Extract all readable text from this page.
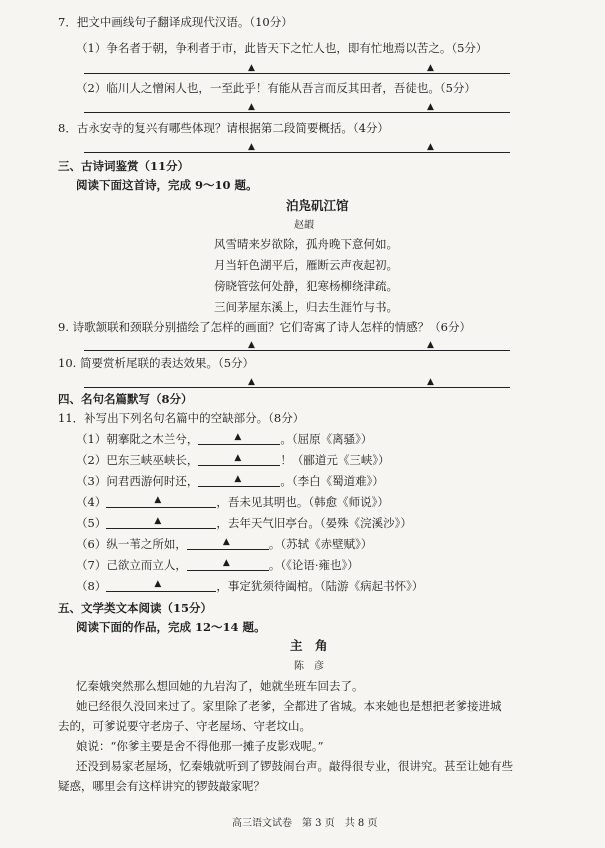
7．把文中画线句子翻译成现代汉语。（10分）
（1）争名者于朝，争利者于市，此皆天下之忙人也，即有忙地焉以苦之。（5分）
▲	▲
（2）临川人之憎闲人也，一至此乎！有能从吾言而反其田者，吾徒也。（5分）
▲	▲
8．古永安寺的复兴有哪些体现？请根据第二段简要概括。（4分）
▲	▲
三、古诗词鉴赏（11分）
阅读下面这首诗，完成 9～10 题。
泊凫矶江馆
赵嘏
风雪晴来岁欲除，孤舟晚下意何如。
月当轩色湖平后，雁断云声夜起初。
傍晓管弦何处静，犯寒杨柳绕津疏。
三间茅屋东溪上，归去生涯竹与书。
9. 诗歌颔联和颈联分别描绘了怎样的画面？它们寄寓了诗人怎样的情感？（6分）
▲	▲
10. 简要赏析尾联的表达效果。（5分）
▲	▲
四、名句名篇默写（8分）
11．补写出下列名句名篇中的空缺部分。（8分）
（1）朝搴阰之木兰兮，	▲	。（屈原《离骚》）
（2）巴东三峡巫峡长，	▲	！（郦道元《三峡》）
（3）问君西游何时还，	▲	。（李白《蜀道难》）
（4）	▲	，吾未见其明也。（韩愈《师说》）
（5）	▲	，去年天气旧亭台。（晏殊《浣溪沙》）
（6）纵一苇之所如，	▲	。（苏轼《赤壁赋》）
（7）己欲立而立人，	▲	。（《论语·雍也》）
（8）	▲	，事定犹须待阖棺。（陆游《病起书怀》）
五、文学类文本阅读（15分）
阅读下面的作品，完成 12～14 题。
主　角
陈　彦
忆秦娥突然那么想回她的九岩沟了，她就坐班车回去了。
她已经很久没回来过了。家里除了老爹，全都进了省城。本来她也是想把老爹接进城
去的，可爹说要守老房子、守老屋场、守老坟山。
娘说：“你爹主要是舍不得他那一摊子皮影戏呢。”
还没到易家老屋场，忆秦娥就听到了锣鼓闹台声。敲得很专业，很讲究。甚至让她有些
疑惑，哪里会有这样讲究的锣鼓敲家呢？
高三语文试卷　第 3 页　共 8 页
